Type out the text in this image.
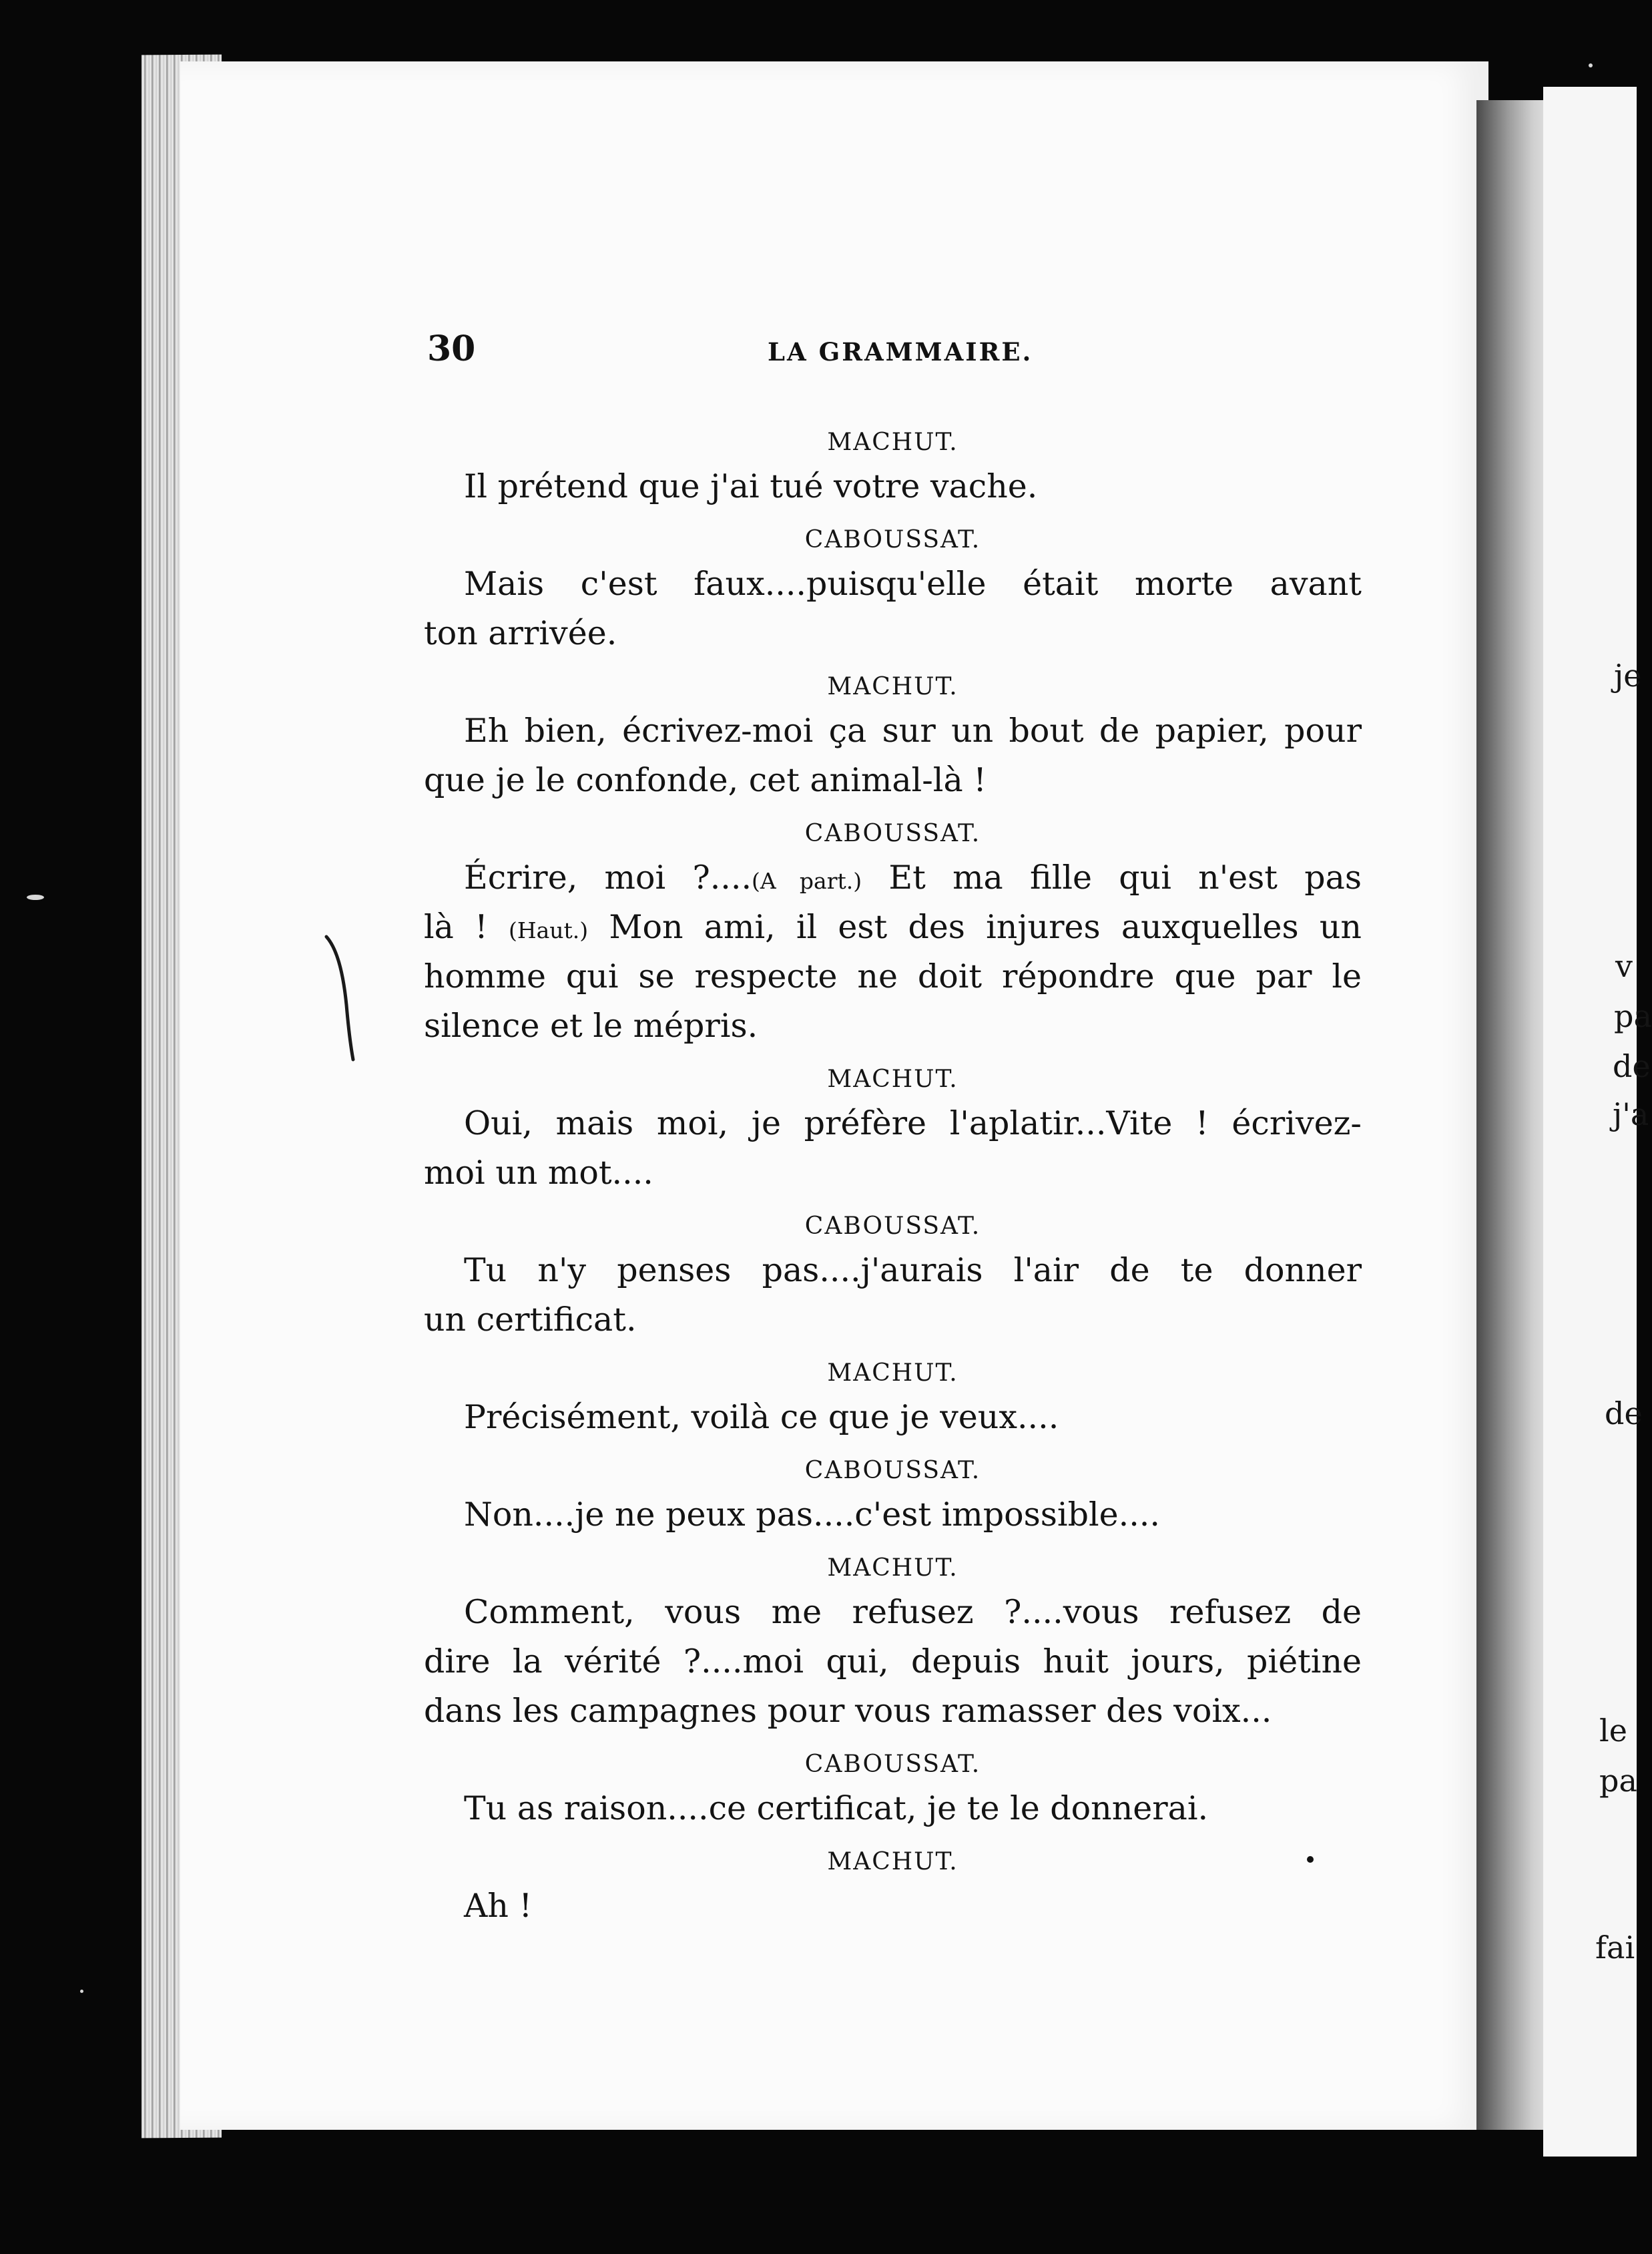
je
v
pa
de
j'a
de
le
pa
fai
30	LA GRAMMAIRE.
MACHUT.
Il prétend que j'ai tué votre vache.
CABOUSSAT.
Mais c'est faux....puisqu'elle était morte avant
ton arrivée.
MACHUT.
Eh bien, écrivez-moi ça sur un bout de papier, pour
que je le confonde, cet animal-là !
CABOUSSAT.
Écrire, moi ?....(A part.) Et ma fille qui n'est pas
là ! (Haut.) Mon ami, il est des injures auxquelles un
homme qui se respecte ne doit répondre que par le
silence et le mépris.
MACHUT.
Oui, mais moi, je préfère l'aplatir...Vite ! écrivez-
moi un mot....
CABOUSSAT.
Tu n'y penses pas....j'aurais l'air de te donner
un certificat.
MACHUT.
Précisément, voilà ce que je veux....
CABOUSSAT.
Non....je ne peux pas....c'est impossible....
MACHUT.
Comment, vous me refusez ?....vous refusez de
dire la vérité ?....moi qui, depuis huit jours, piétine
dans les campagnes pour vous ramasser des voix...
CABOUSSAT.
Tu as raison....ce certificat, je te le donnerai.
MACHUT.
Ah !
